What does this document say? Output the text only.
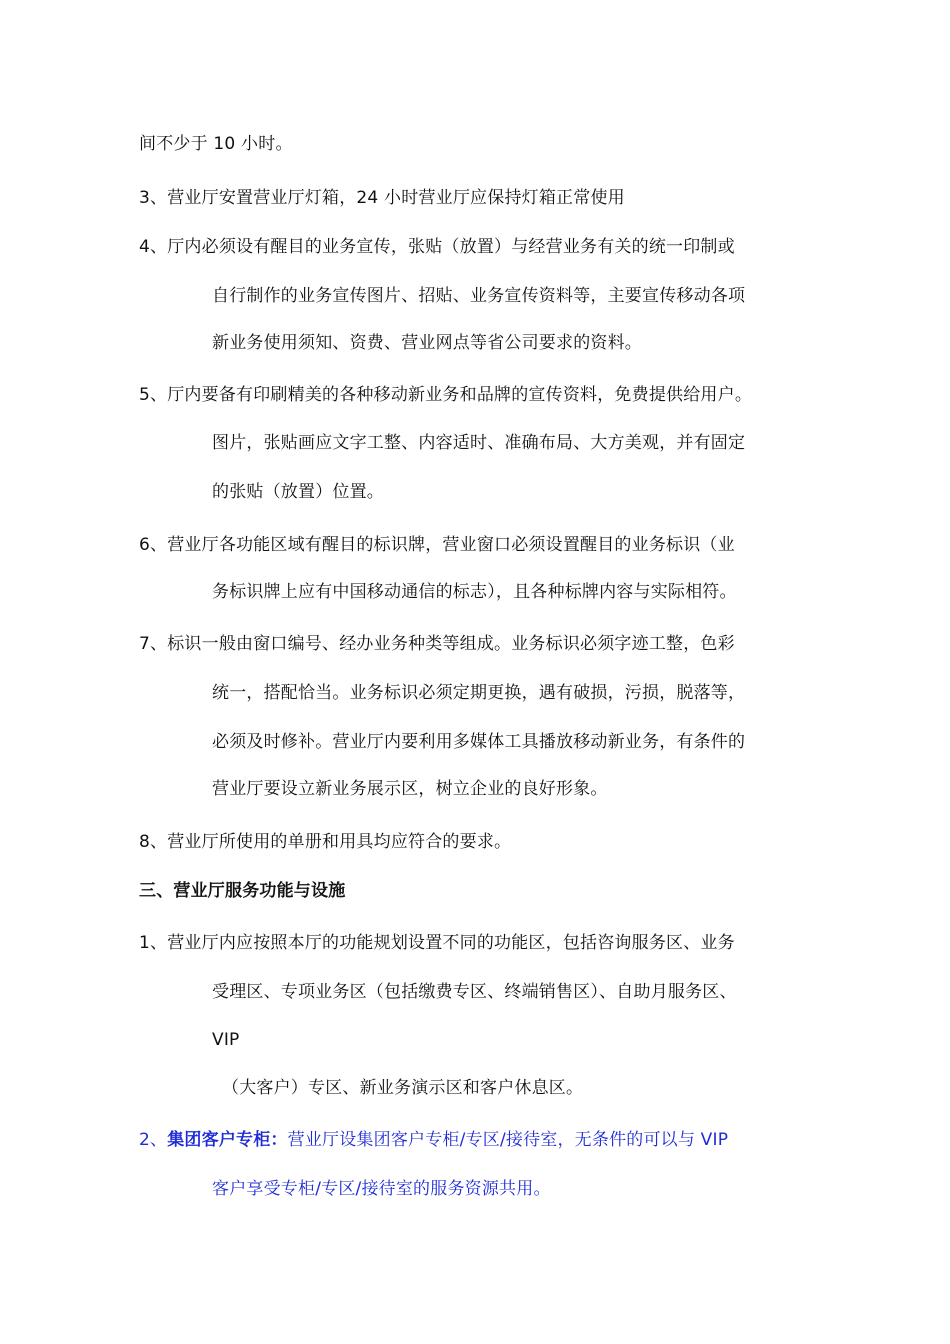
间不少于 10 小时。
3、营业厅安置营业厅灯箱，24 小时营业厅应保持灯箱正常使用
4、厅内必须设有醒目的业务宣传，张贴（放置）与经营业务有关的统一印制或
自行制作的业务宣传图片、招贴、业务宣传资料等，主要宣传移动各项
新业务使用须知、资费、营业网点等省公司要求的资料。
5、厅内要备有印刷精美的各种移动新业务和品牌的宣传资料，免费提供给用户。
图片，张贴画应文字工整、内容适时、准确布局、大方美观，并有固定
的张贴（放置）位置。
6、营业厅各功能区域有醒目的标识牌，营业窗口必须设置醒目的业务标识（业
务标识牌上应有中国移动通信的标志），且各种标牌内容与实际相符。
7、标识一般由窗口编号、经办业务种类等组成。业务标识必须字迹工整，色彩
统一，搭配恰当。业务标识必须定期更换，遇有破损，污损，脱落等，
必须及时修补。营业厅内要利用多媒体工具播放移动新业务，有条件的
营业厅要设立新业务展示区，树立企业的良好形象。
8、营业厅所使用的单册和用具均应符合的要求。
三、营业厅服务功能与设施
1、营业厅内应按照本厅的功能规划设置不同的功能区，包括咨询服务区、业务
受理区、专项业务区（包括缴费专区、终端销售区）、自助月服务区、
VIP
（大客户）专区、新业务演示区和客户休息区。
2、集团客户专柜：营业厅设集团客户专柜/专区/接待室，无条件的可以与 VIP
客户享受专柜/专区/接待室的服务资源共用。
